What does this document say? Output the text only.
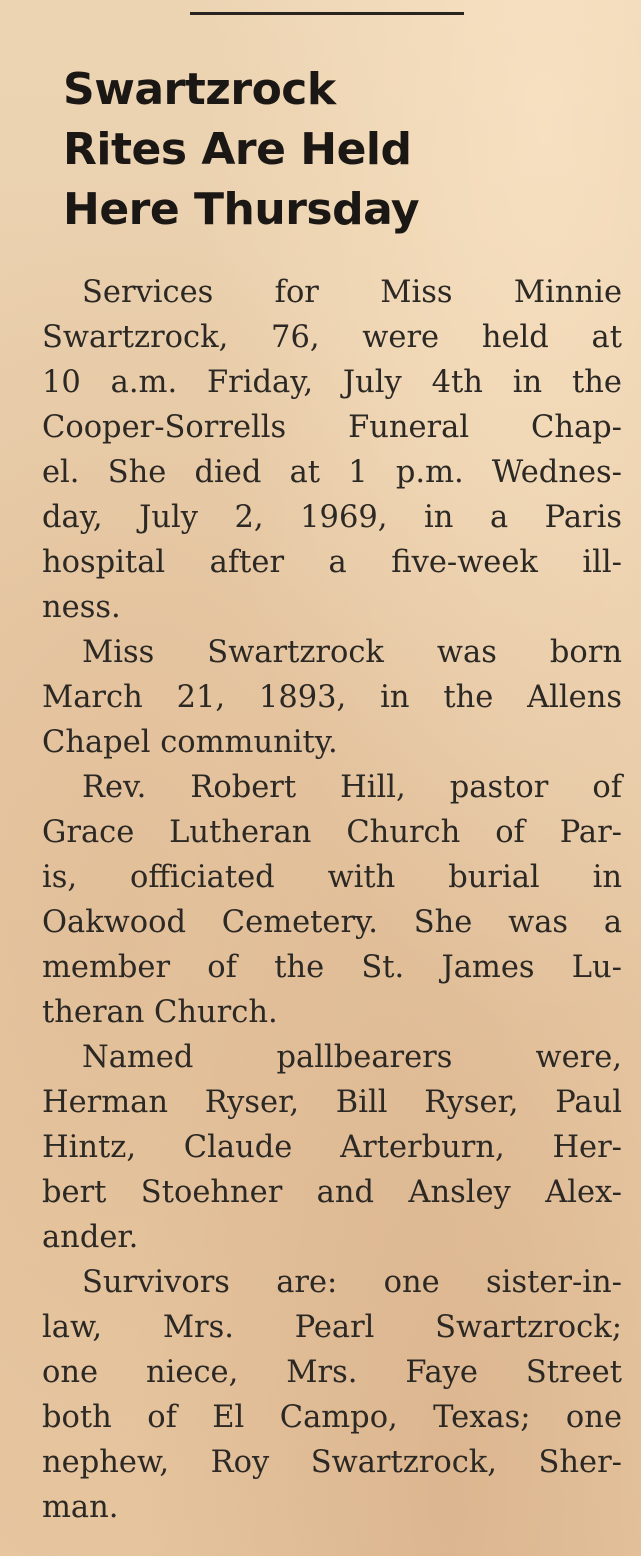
Swartzrock
Rites Are Held
Here Thursday
Services for Miss Minnie
Swartzrock, 76, were held at
10 a.m. Friday, July 4th in the
Cooper-Sorrells Funeral Chap-
el. She died at 1 p.m. Wednes-
day, July 2, 1969, in a Paris
hospital after a five-week ill-
ness.
Miss Swartzrock was born
March 21, 1893, in the Allens
Chapel community.
Rev. Robert Hill, pastor of
Grace Lutheran Church of Par-
is, officiated with burial in
Oakwood Cemetery. She was a
member of the St. James Lu-
theran Church.
Named pallbearers were,
Herman Ryser, Bill Ryser, Paul
Hintz, Claude Arterburn, Her-
bert Stoehner and Ansley Alex-
ander.
Survivors are: one sister-in-
law, Mrs. Pearl Swartzrock;
one niece, Mrs. Faye Street
both of El Campo, Texas; one
nephew, Roy Swartzrock, Sher-
man.
